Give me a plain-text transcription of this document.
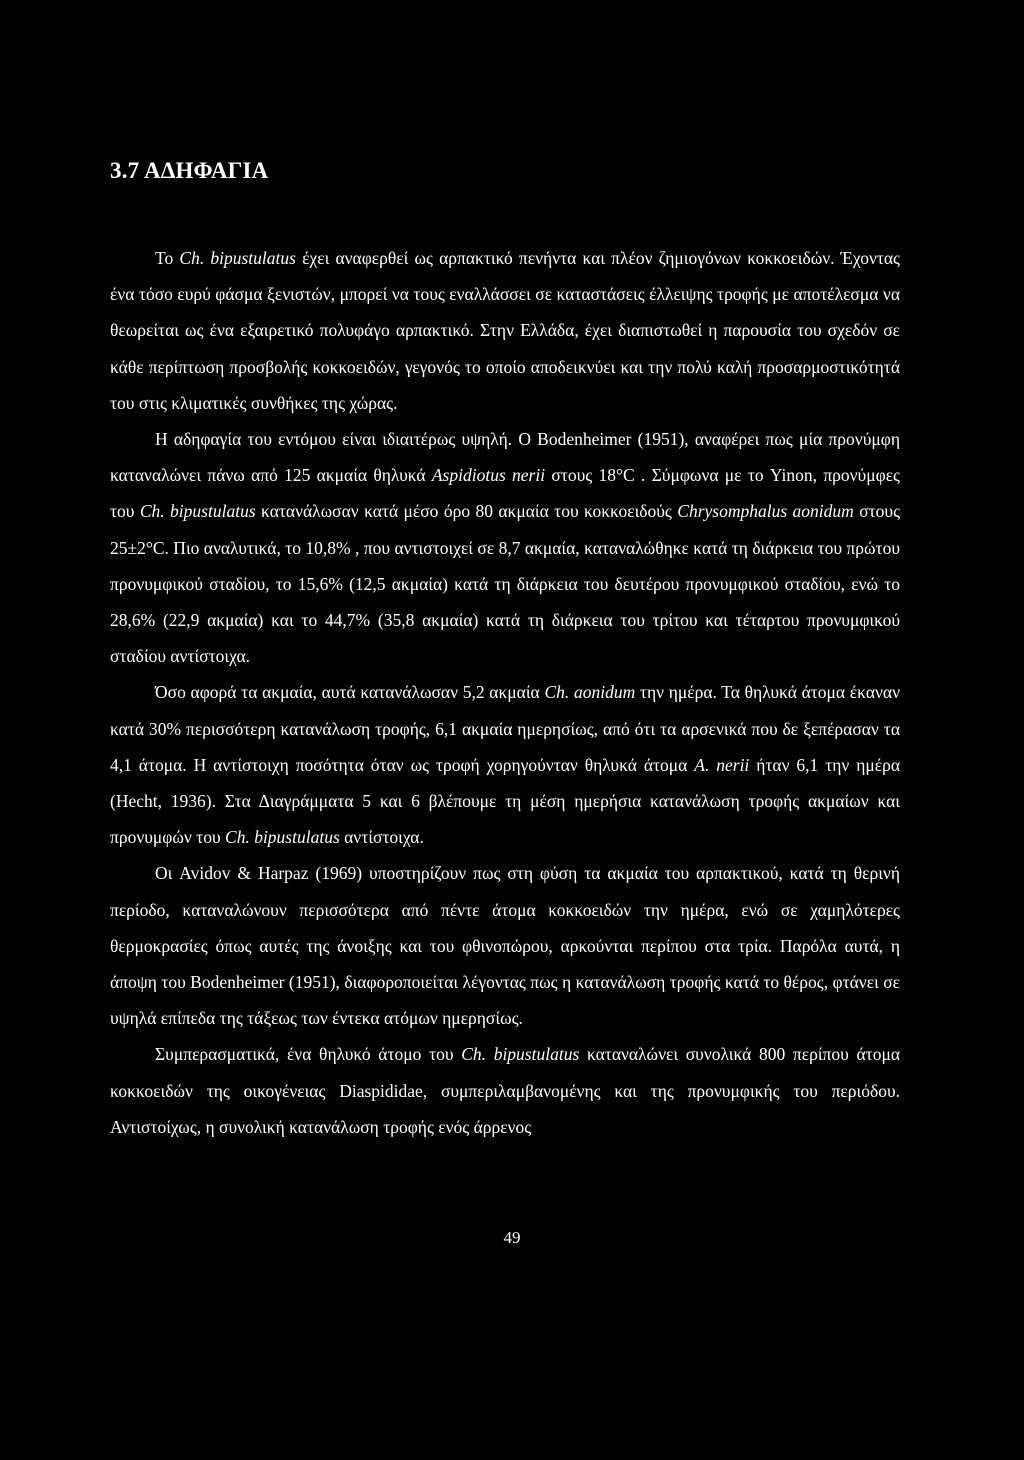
3.7 ΑΔΗΦΑΓΙΑ

Το Ch. bipustulatus έχει αναφερθεί ως αρπακτικό πενήντα και πλέον ζημιογόνων κοκκοειδών. Έχοντας ένα τόσο ευρύ φάσμα ξενιστών, μπορεί να τους εναλλάσσει σε καταστάσεις έλλειψης τροφής με αποτέλεσμα να θεωρείται ως ένα εξαιρετικό πολυφάγο αρπακτικό. Στην Ελλάδα, έχει διαπιστωθεί η παρουσία του σχεδόν σε κάθε περίπτωση προσβολής κοκκοειδών, γεγονός το οποίο αποδεικνύει και την πολύ καλή προσαρμοστικότητά του στις κλιματικές συνθήκες της χώρας.

Η αδηφαγία του εντόμου είναι ιδιαιτέρως υψηλή. Ο Bodenheimer (1951), αναφέρει πως μία προνύμφη καταναλώνει πάνω από 125 ακμαία θηλυκά Aspidiotus nerii στους 18°C . Σύμφωνα με το Yinon, προνύμφες του Ch. bipustulatus κατανάλωσαν κατά μέσο όρο 80 ακμαία του κοκκοειδούς Chrysomphalus aonidum στους 25±2°C. Πιο αναλυτικά, το 10,8% , που αντιστοιχεί σε 8,7 ακμαία, καταναλώθηκε κατά τη διάρκεια του πρώτου προνυμφικού σταδίου, το 15,6% (12,5 ακμαία) κατά τη διάρκεια του δευτέρου προνυμφικού σταδίου, ενώ το 28,6% (22,9 ακμαία) και το 44,7% (35,8 ακμαία) κατά τη διάρκεια του τρίτου και τέταρτου προνυμφικού σταδίου αντίστοιχα.

Όσο αφορά τα ακμαία, αυτά κατανάλωσαν 5,2 ακμαία Ch. aonidum την ημέρα. Τα θηλυκά άτομα έκαναν κατά 30% περισσότερη κατανάλωση τροφής, 6,1 ακμαία ημερησίως, από ότι τα αρσενικά που δε ξεπέρασαν τα 4,1 άτομα. Η αντίστοιχη ποσότητα όταν ως τροφή χορηγούνταν θηλυκά άτομα A. nerii ήταν 6,1 την ημέρα (Hecht, 1936). Στα Διαγράμματα 5 και 6 βλέπουμε τη μέση ημερήσια κατανάλωση τροφής ακμαίων και προνυμφών του Ch. bipustulatus αντίστοιχα.

Οι Avidov & Harpaz (1969) υποστηρίζουν πως στη φύση τα ακμαία του αρπακτικού, κατά τη θερινή περίοδο, καταναλώνουν περισσότερα από πέντε άτομα κοκκοειδών την ημέρα, ενώ σε χαμηλότερες θερμοκρασίες όπως αυτές της άνοιξης και του φθινοπώρου, αρκούνται περίπου στα τρία. Παρόλα αυτά, η άποψη του Bodenheimer (1951), διαφοροποιείται λέγοντας πως η κατανάλωση τροφής κατά το θέρος, φτάνει σε υψηλά επίπεδα της τάξεως των έντεκα ατόμων ημερησίως.

Συμπερασματικά, ένα θηλυκό άτομο του Ch. bipustulatus καταναλώνει συνολικά 800 περίπου άτομα κοκκοειδών της οικογένειας Diaspididae, συμπεριλαμβανομένης και της προνυμφικής του περιόδου. Αντιστοίχως, η συνολική κατανάλωση τροφής ενός άρρενος

49
